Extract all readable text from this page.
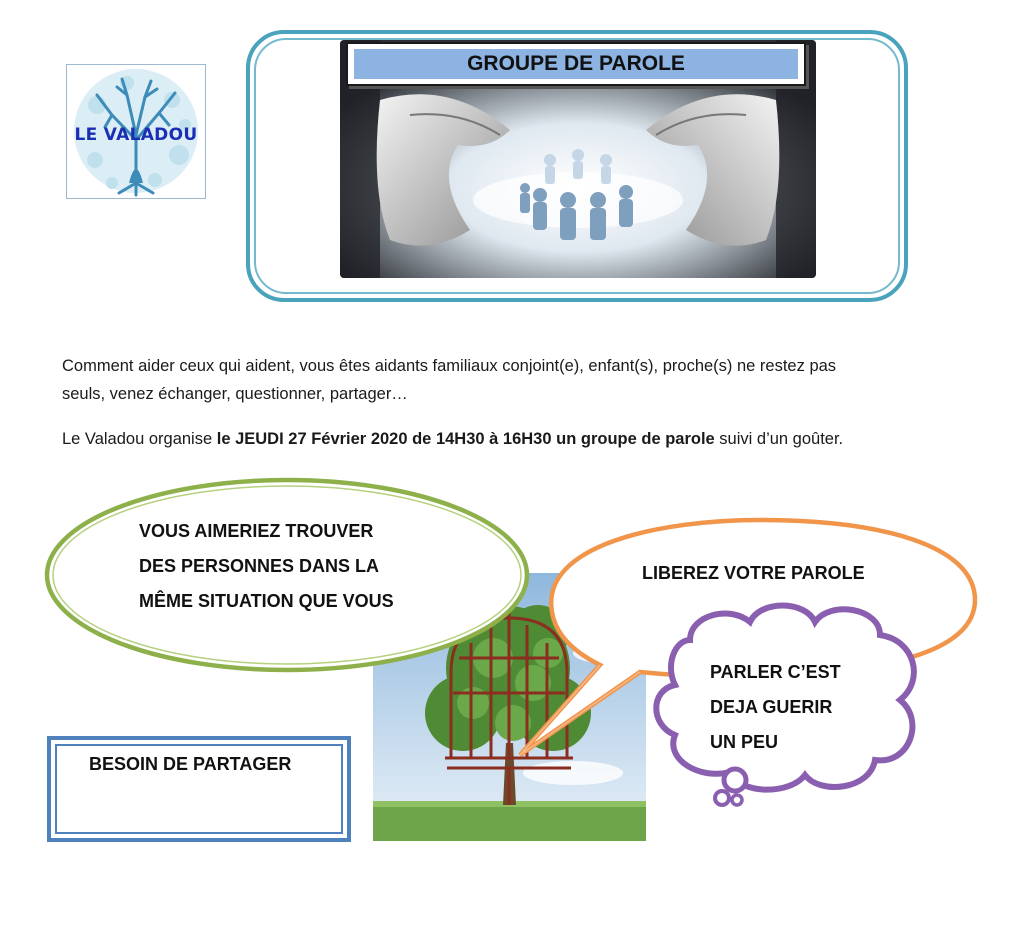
LE VALADOU
GROUPE DE PAROLE
Comment aider ceux qui aident, vous êtes aidants familiaux conjoint(e), enfant(s), proche(s) ne restez pas
seuls, venez échanger, questionner, partager…
Le Valadou organise le JEUDI 27 Février 2020 de 14H30 à 16H30 un groupe de parole suivi d’un goûter.
VOUS AIMERIEZ TROUVER
DES PERSONNES DANS LA
MÊME SITUATION QUE VOUS
LIBEREZ VOTRE PAROLE
PARLER C’EST
DEJA GUERIR
UN PEU
BESOIN DE PARTAGER
